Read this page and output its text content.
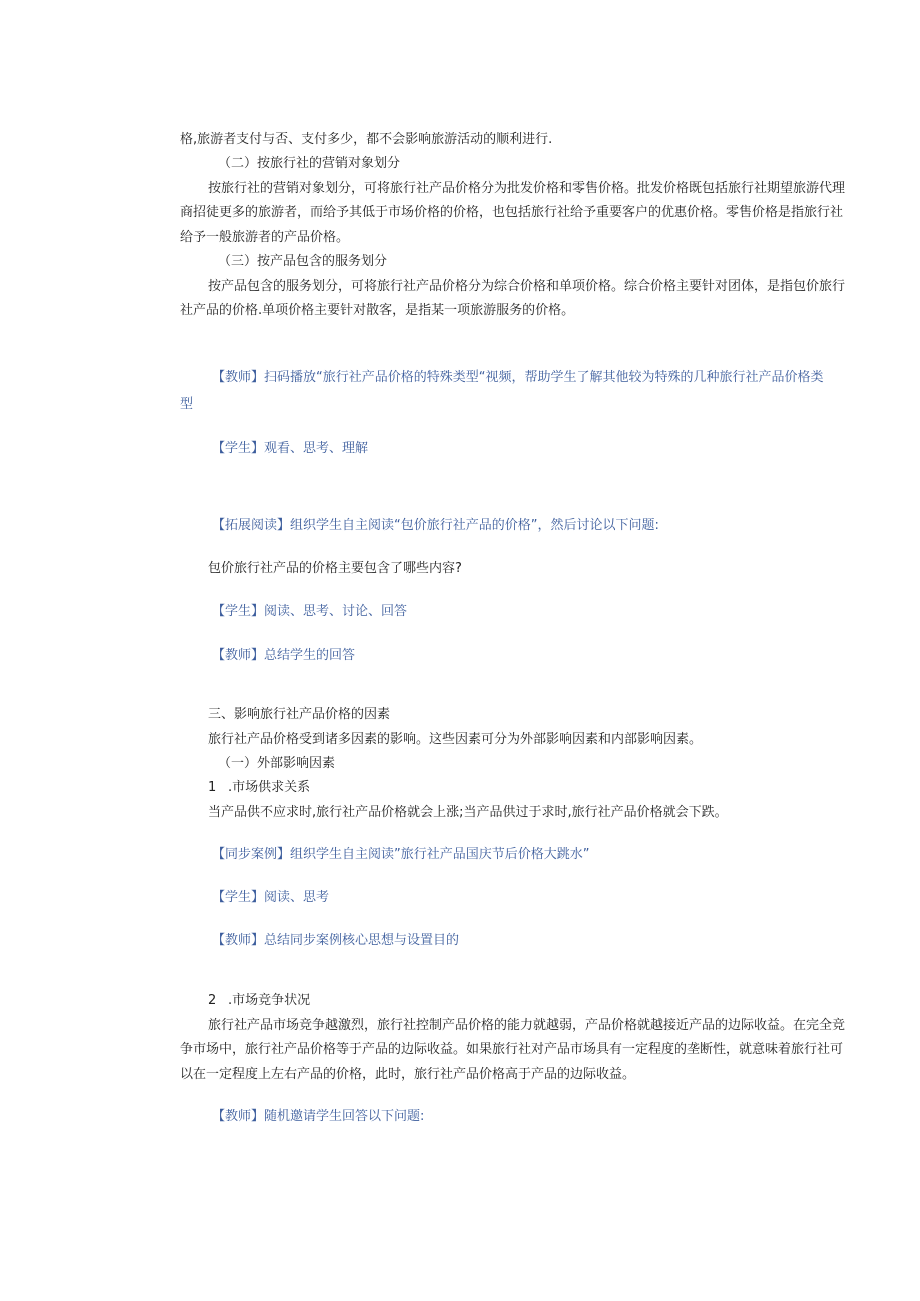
格,旅游者支付与否、支付多少，都不会影响旅游活动的顺利进行.
（二）按旅行社的营销对象划分
按旅行社的营销对象划分，可将旅行社产品价格分为批发价格和零售价格。批发价格既包括旅行社期望旅游代理
商招徒更多的旅游者，而给予其低于市场价格的价格，也包括旅行社给予重要客户的优惠价格。零售价格是指旅行社
给予一般旅游者的产品价格。
（三）按产品包含的服务划分
按产品包含的服务划分，可将旅行社产品价格分为综合价格和单项价格。综合价格主要针对团体，是指包价旅行
社产品的价格.单项价格主要针对散客，是指某一项旅游服务的价格。
【教师】扫码播放“旅行社产品价格的特殊类型“视频，帮助学生了解其他较为特殊的几种旅行社产品价格类
型
【学生】观看、思考、理解
【拓展阅读】组织学生自主阅读“包价旅行社产品的价格”，然后讨论以下问题:
包价旅行社产品的价格主要包含了哪些内容?
【学生】阅读、思考、讨论、回答
【教师】总结学生的回答
三、影响旅行社产品价格的因素
旅行社产品价格受到诸多因素的影响。这些因素可分为外部影响因素和内部影响因素。
（一）外部影响因素
1 .市场供求关系
当产品供不应求时,旅行社产品价格就会上涨;当产品供过于求时,旅行社产品价格就会下跌。
【同步案例】组织学生自主阅读”旅行社产品国庆节后价格大跳水”
【学生】阅读、思考
【教师】总结同步案例核心思想与设置目的
2 .市场竞争状况
旅行社产品市场竞争越激烈，旅行社控制产品价格的能力就越弱，产品价格就越接近产品的边际收益。在完全竞
争市场中，旅行社产品价格等于产品的边际收益。如果旅行社对产品市场具有一定程度的垄断性，就意味着旅行社可
以在一定程度上左右产品的价格，此时，旅行社产品价格高于产品的边际收益。
【教师】随机邀请学生回答以下问题:
